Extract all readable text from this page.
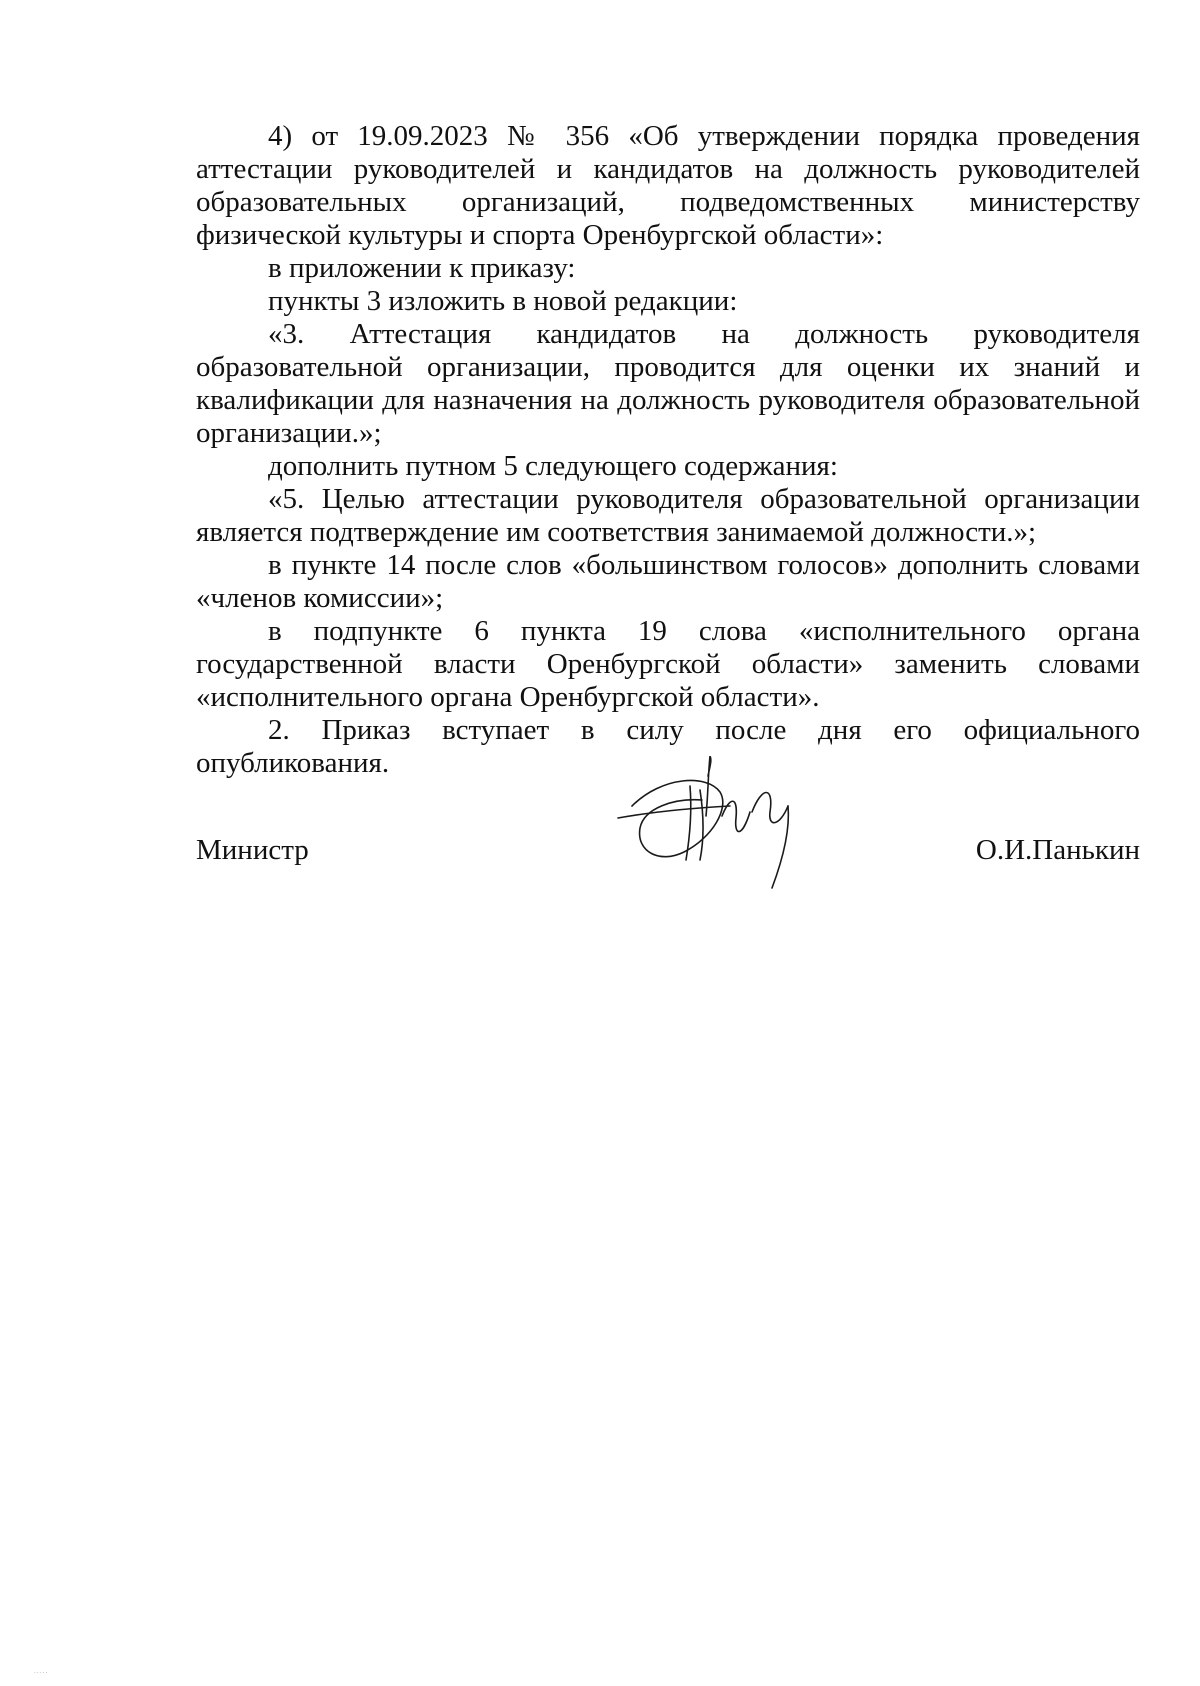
4) от 19.09.2023 № 356 «Об утверждении порядка проведения аттестации руководителей и кандидатов на должность руководителей образовательных организаций, подведомственных министерству физической культуры и спорта Оренбургской области»:

в приложении к приказу:

пункты 3 изложить в новой редакции:

«3. Аттестация кандидатов на должность руководителя образовательной организации, проводится для оценки их знаний и квалификации для назначения на должность руководителя образовательной организации.»;

дополнить путном 5 следующего содержания:

«5. Целью аттестации руководителя образовательной организации является подтверждение им соответствия занимаемой должности.»;

в пункте 14 после слов «большинством голосов» дополнить словами «членов комиссии»;

в подпункте 6 пункта 19 слова «исполнительного органа государственной власти Оренбургской области» заменить словами «исполнительного органа Оренбургской области».

2. Приказ вступает в силу после дня его официального опубликования.

Министр	О.И.Панькин
.....
